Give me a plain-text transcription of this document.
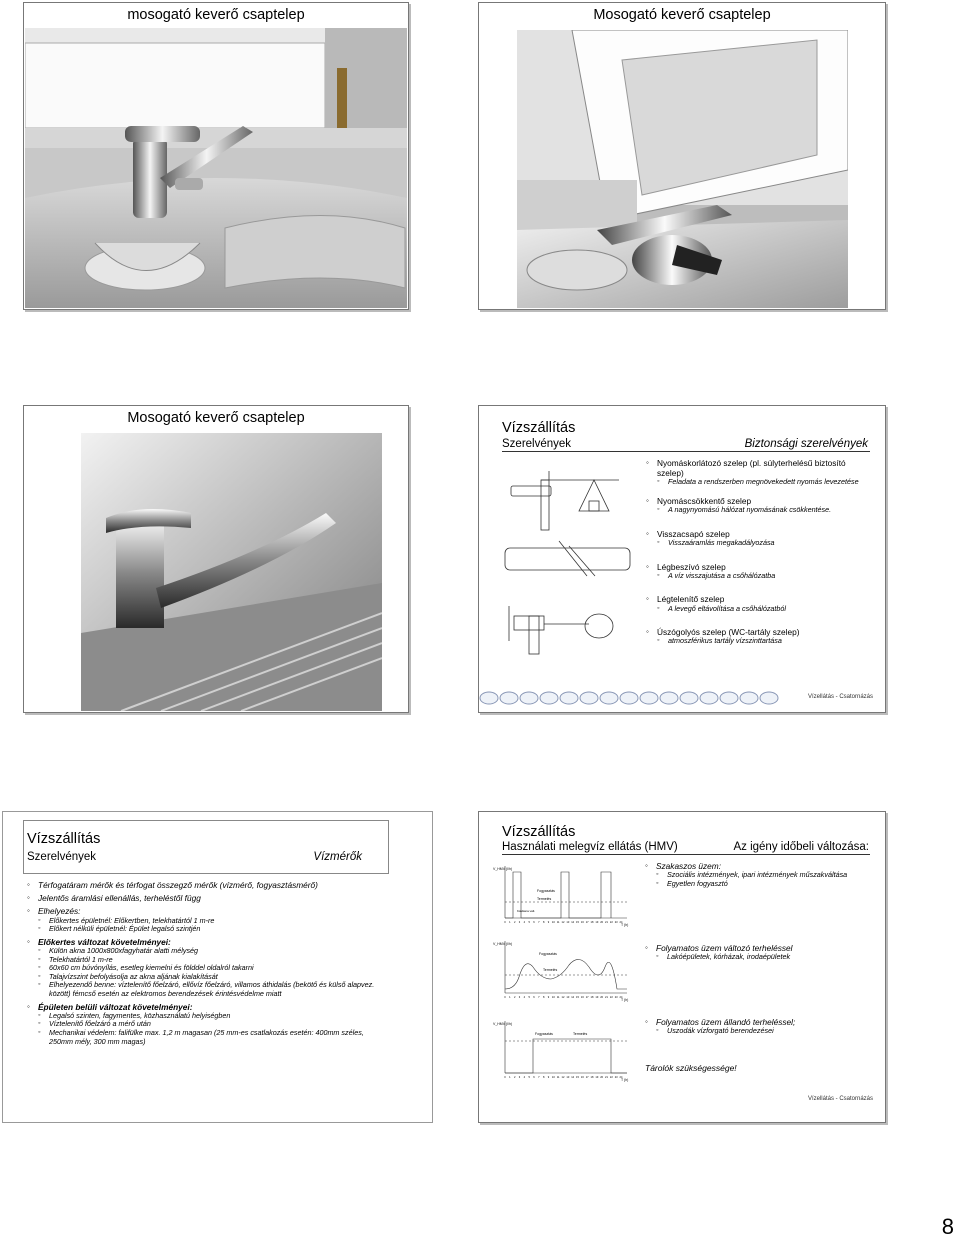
mosogató keverő csaptelep	Mosogató keverő csaptelep
Mosogató keverő csaptelep
Vízszállítás
Szerelvények	Biztonsági szerelvények
◦ Nyomáskorlátozó szelep (pl. súlyterhelésű biztosító szelep)
◦ Feladata a rendszerben megnövekedett nyomás levezetése
◦ Nyomáscsökkentő szelep
◦ A nagynyomású hálózat nyomásának csökkentése.
◦ Visszacsapó szelep
◦ Visszaáramlás megakadályozása
◦ Légbeszívó szelep
◦ A víz visszajutása a csőhálózatba
◦ Légtelenítő szelep
◦ A levegő eltávolítása a csőhálózatból
◦ Úszógolyós szelep (WC-tartály szelep)
◦ atmoszférikus tartály vízszinttartása
Vízellátás - Csatornázás
Vízszállítás
Szerelvények	Vízmérők
◦ Térfogatáram mérők és térfogat összegző mérők (vízmérő, fogyasztásmérő)
◦ Jelentős áramlási ellenállás, terheléstől függ
◦ Elhelyezés:
◦ Előkertes épületnél: Előkertben, telekhatártól 1 m-re
◦ Előkert nélküli épületnél: Épület legalsó szintjén
◦ Előkertes változat követelményei:
◦ Külön akna 1000x800xfagyhatár alatti mélység
◦ Telekhatártól 1 m-re
◦ 60x60 cm búvónyílás, esetleg kiemelni és földdel oldalról takarni
◦ Talajvízszint befolyásolja az akna aljának kialakítását
◦ Elhelyezendő benne: víztelenítő főelzáró, ellővíz főelzáró, villamos áthidalás (bekötő és külső alapvez. között) fémcső esetén az elektromos berendezések érintésvédelme miatt
◦ Épületen belüli változat követelményei:
◦ Legalsó szinten, fagymentes, közhasználatú helyiségben
◦ Víztelenítő főelzáró a mérő után
◦ Mechanikai védelem: falifülke max. 1,2 m magasan (25 mm-es csatlakozás esetén: 400mm széles, 250mm mély, 300 mm magas)
Vízszállítás
Használati melegvíz ellátás (HMV)	Az igény időbeli változása:
V_HMV (l/h)
Fogyasztás
Termelés
Kiadásra vált.
T (h)
0 1 2 3 4 5 6 7 8 9 10 11 12 13 14 15 16 17 18 19 20 21 22 23 24
V_HMV (l/h)
Fogyasztás
Termelés
T (h)
0 1 2 3 4 5 6 7 8 9 10 11 12 13 14 15 16 17 18 19 20 21 22 23 24
V_HMV (l/h)
Fogyasztás	Termelés
T (h)
0 1 2 3 4 5 6 7 8 9 10 11 12 13 14 15 16 17 18 19 20 21 22 23 24
◦ Szakaszos üzem:
◦ Szociális intézmények, ipari intézmények műszakváltása
◦ Egyetlen fogyasztó
◦ Folyamatos üzem változó terheléssel
◦ Lakóépületek, kórházak, irodaépületek
◦ Folyamatos üzem állandó terheléssel;
◦ Uszodák vízforgató berendezései
Tárolók szükségessége!
Vízellátás - Csatornázás
8
